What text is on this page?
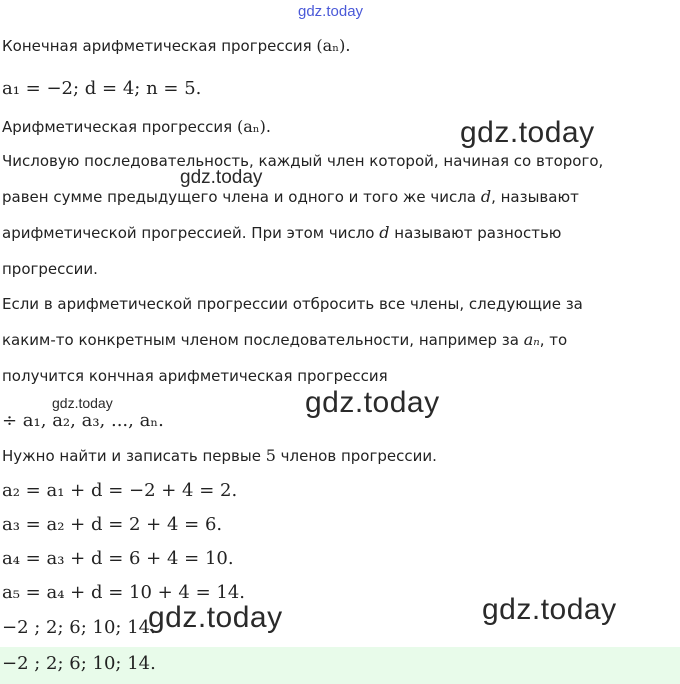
gdz.today
Конечная арифметическая прогрессия (aₙ).
a₁ = −2; d = 4; n = 5.
Арифметическая прогрессия (aₙ).	gdz.today
Числовую последовательность, каждый член которой, начиная со второго,
gdz.today
равен сумме предыдущего члена и одного и того же числа d, называют
арифметической прогрессией. При этом число d называют разностью
прогрессии.
Если в арифметической прогрессии отбросить все члены, следующие за
каким-то конкретным членом последовательности, например за aₙ, то
получится кончная арифметическая прогрессия
gdz.today	gdz.today
÷ a₁, a₂, a₃, ..., aₙ.
Нужно найти и записать первые 5 членов прогрессии.
a₂ = a₁ + d = −2 + 4 = 2.
a₃ = a₂ + d = 2 + 4 = 6.
a₄ = a₃ + d = 6 + 4 = 10.
a₅ = a₄ + d = 10 + 4 = 14.
gdz.today
−2 ; 2; 6; 10; 14.
gdz.today
−2 ; 2; 6; 10; 14.
